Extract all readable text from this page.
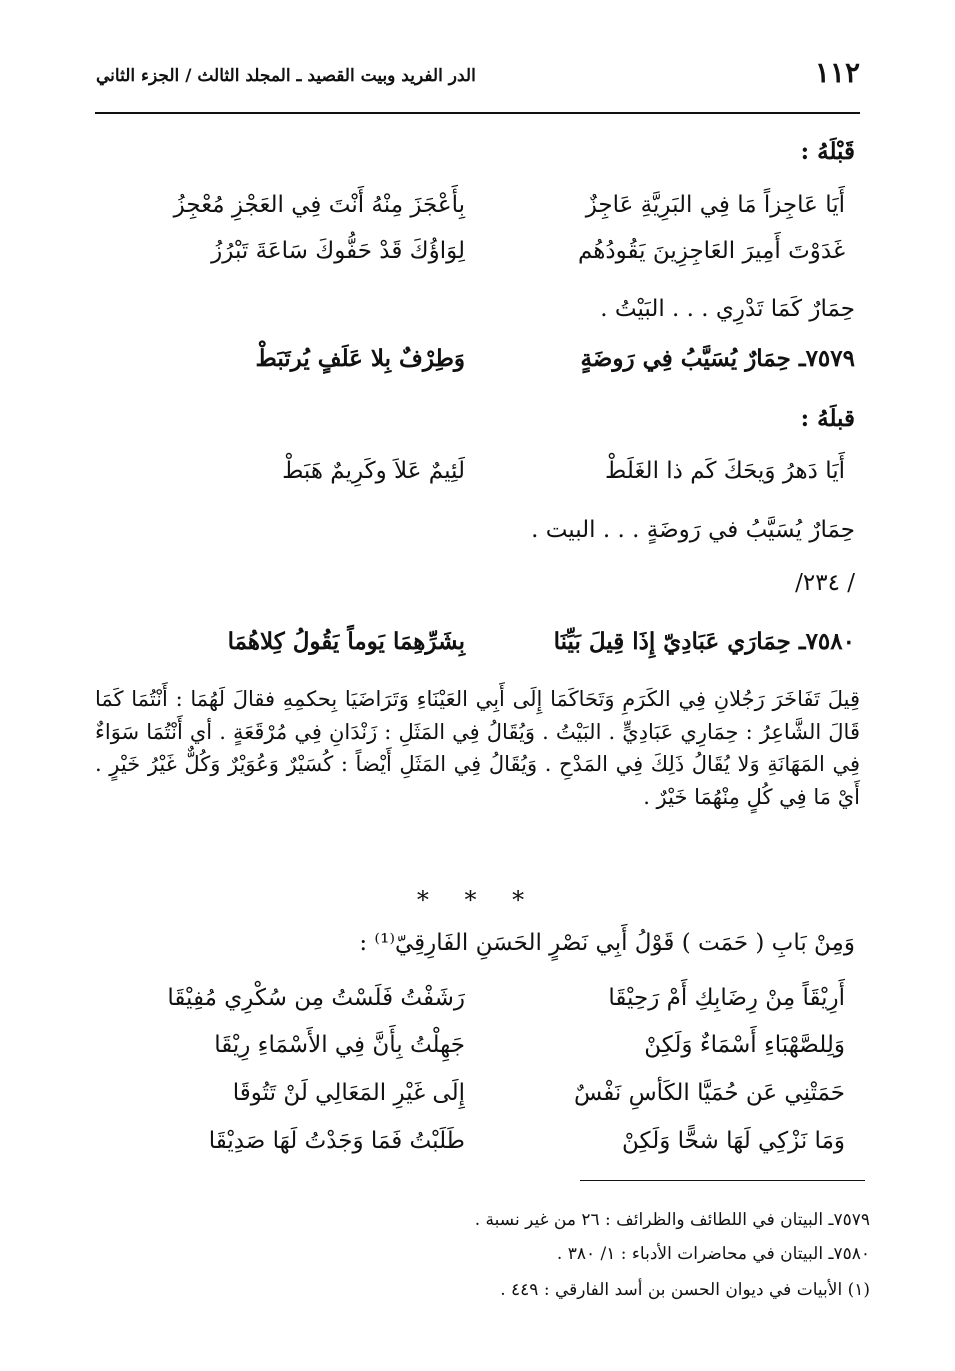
١١٢
الدر الفريد وبيت القصيد ـ المجلد الثالث / الجزء الثاني
قَبْلَهُ :
أَيَا عَاجِزاً مَا فِي البَرِيَّةِ عَاجِزٌ
بِأَعْجَزَ مِنْهُ أَنْتَ فِي العَجْزِ مُعْجِزُ
غَدَوْتَ أَمِيرَ العَاجِزِينَ يَقُودُهُم
لِوَاؤُكَ قَدْ حَفُّوكَ سَاعَةَ تَبْرُزُ
حِمَارٌ كَمَا تَدْرِي . . . البَيْتُ .
٧٥٧٩ـ حِمَارٌ يُسَيَّبُ فِي رَوضَةٍ
وَطِرْفٌ بِلا عَلَفٍ يُرتَبَطْ
قبلَهُ :
أَيَا دَهرُ وَيحَكَ كَم ذا الغَلَطْ
لَئِيمٌ عَلاَ وكَرِيمٌ هَبَطْ
حِمَارٌ يُسَيَّبُ في رَوضَةٍ . . . البيت .
/ ٢٣٤/
٧٥٨٠ـ حِمَارَي عَبَادِيّ إِذَا قِيلَ بَيِّنَا
بِشَرِّهِمَا يَوماً يَقُولُ كِلاهُمَا
قِيلَ تَفَاخَرَ رَجُلانِ فِي الكَرَمِ وَتَحَاكَمَا إِلَى أَبِي العَيْنَاءِ وَتَرَاضَيَا بِحكمِهِ فقالَ لَهُمَا : أَنْتُمَا كَمَا قَالَ الشَّاعِرُ : حِمَارِي عَبَادِيٍّ . البَيْتُ . وَيُقَالُ فِي المَثَلِ : زَنْدَانِ فِي مُرْقَعَةٍ . أي أَنْتُمَا سَوَاءٌ فِي المَهَانَةِ وَلا يُقَالُ ذَلِكَ فِي المَدْحِ . وَيُقَالُ فِي المَثَلِ أَيْضاً : كُسَيْرٌ وَعُوَيْرٌ وَكُلٌّ غَيْرُ خَيْرٍ . أَيْ مَا فِي كُلٍ مِنْهُمَا خَيْرٌ .
* * *
وَمِنْ بَابِ ( حَمَت ) قَوْلُ أَبِي نَصْرٍ الحَسَنِ الفَارِقِيّ⁽¹⁾ :
أَرِيْقَاً مِنْ رِضَابِكِ أَمْ رَحِيْقَا
رَشَفْتُ فَلَسْتُ مِن سُكْرِي مُفِيْقَا
وَلِلصَّهْبَاءِ أَسْمَاءٌ وَلَكِنْ
جَهِلْتُ بِأَنَّ فِي الأَسْمَاءِ رِيْقَا
حَمَتْنِي عَن حُمَيَّا الكَأسِ نَفْسٌ
إِلَى غَيْرِ المَعَالِي لَنْ تَتُوقَا
وَمَا نَزْكِي لَهَا شحًّا وَلَكِنْ
طَلَبْتُ فَمَا وَجَدْتُ لَهَا صَدِيْقَا
٧٥٧٩ـ البيتان في اللطائف والظرائف : ٢٦ من غير نسبة .
٧٥٨٠ـ البيتان في محاضرات الأدباء : ١/ ٣٨٠ .
(١) الأبيات في ديوان الحسن بن أسد الفارقي : ٤٤٩ .
